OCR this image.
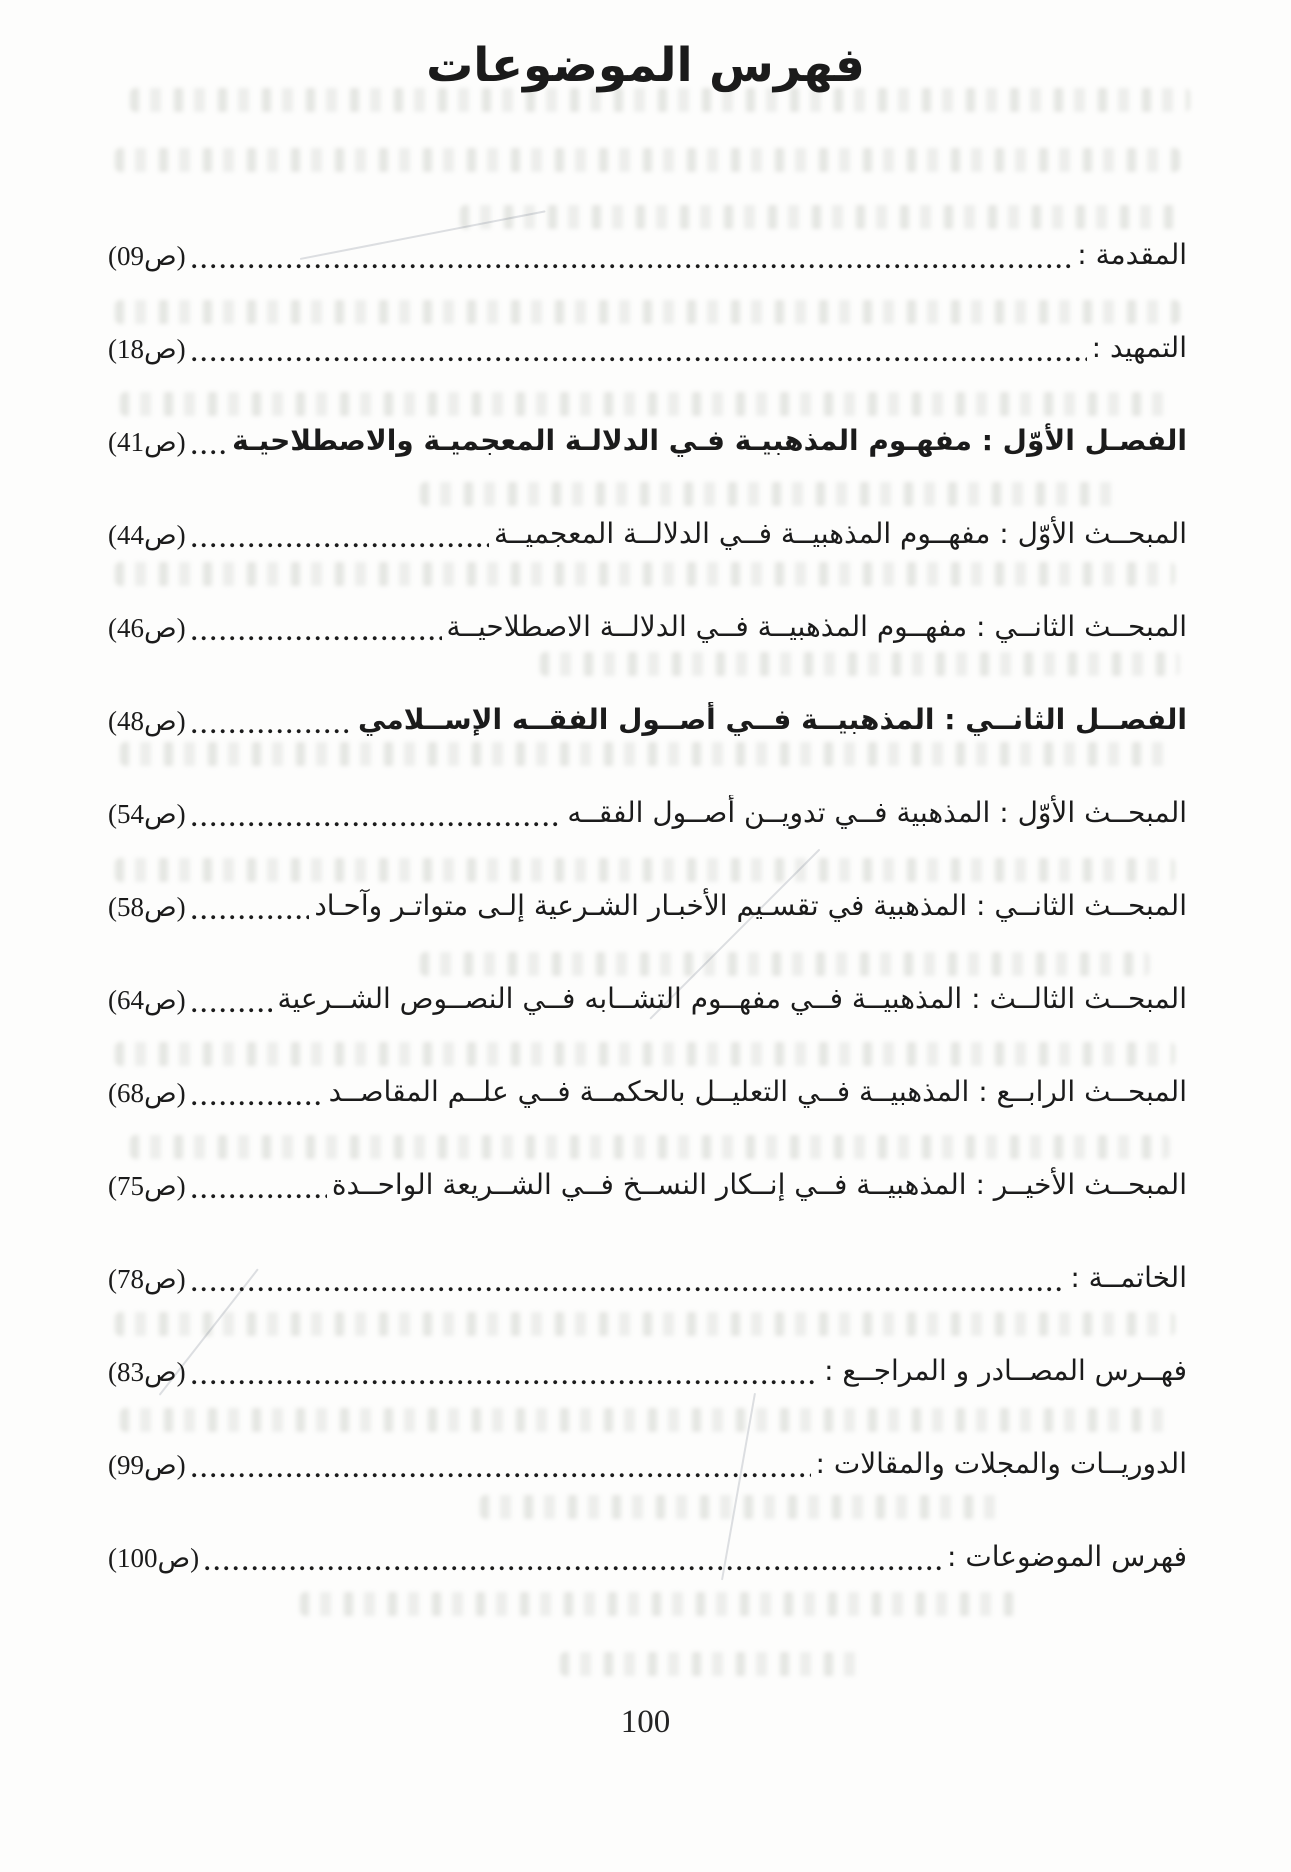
فهرس الموضوعات
المقدمة :
(ص09)
التمهيد :
(ص18)
الفصـل الأوّل : مفهـوم المذهبيـة فـي الدلالـة المعجميـة والاصطلاحيـة
(ص41)
المبحــث الأوّل : مفهــوم المذهبيــة فــي الدلالــة المعجميــة
(ص44)
المبحــث الثانــي : مفهــوم المذهبيــة فــي الدلالــة الاصطلاحيــة
(ص46)
الفصــل الثانــي : المذهبيــة فــي أصــول الفقــه الإســلامي
(ص48)
المبحــث الأوّل : المذهبية فــي تدويــن أصــول الفقــه
(ص54)
المبحــث الثانــي : المذهبية في تقسـيم الأخبـار الشـرعية إلـى متواتـر وآحـاد
(ص58)
المبحــث الثالــث : المذهبيــة فــي مفهــوم التشــابه فــي النصــوص الشــرعية
(ص64)
المبحــث الرابــع : المذهبيــة فــي التعليــل بالحكمــة فــي علــم المقاصــد
(ص68)
المبحــث الأخيــر : المذهبيــة فــي إنــكار النســخ فــي الشــريعة الواحــدة
(ص75)
الخاتمــة :
(ص78)
فهــرس المصــادر و المراجــع :
(ص83)
الدوريــات والمجلات والمقالات :
(ص99)
فهرس الموضوعات :
(ص100)
100
